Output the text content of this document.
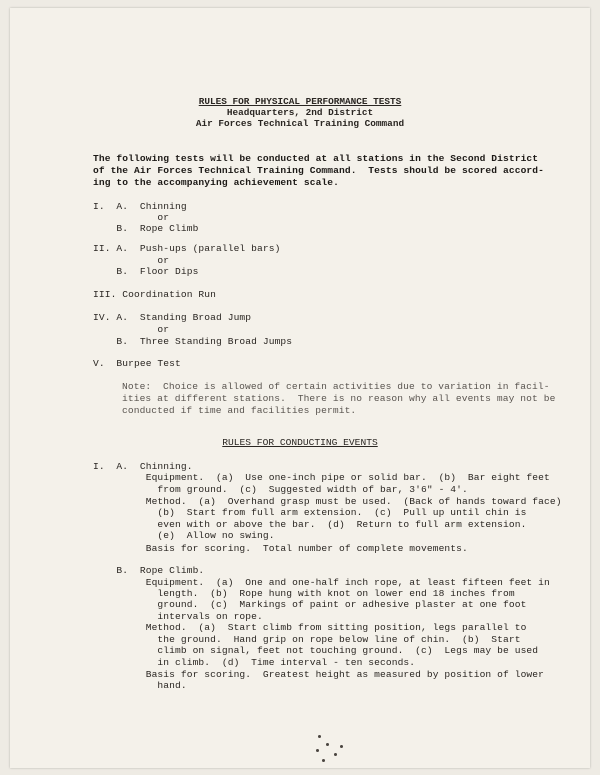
RULES FOR PHYSICAL PERFORMANCE TESTS
Headquarters, 2nd District
Air Forces Technical Training Command
The following tests will be conducted at all stations in the Second District
of the Air Forces Technical Training Command.  Tests should be scored accord-
ing to the accompanying achievement scale.
I.  A.  Chinning
or
B.  Rope Climb
II. A.  Push-ups (parallel bars)
or
B.  Floor Dips
III. Coordination Run
IV. A.  Standing Broad Jump
or
B.  Three Standing Broad Jumps
V.  Burpee Test
Note:  Choice is allowed of certain activities due to variation in facil-
ities at different stations.  There is no reason why all events may not be
conducted if time and facilities permit.
RULES FOR CONDUCTING EVENTS
I.  A.  Chinning.
Equipment.  (a)  Use one-inch pipe or solid bar.  (b)  Bar eight feet
from ground.  (c)  Suggested width of bar, 3'6" - 4'.
Method.  (a)  Overhand grasp must be used.  (Back of hands toward face)
(b)  Start from full arm extension.  (c)  Pull up until chin is
even with or above the bar.  (d)  Return to full arm extension.
(e)  Allow no swing.
Basis for scoring.  Total number of complete movements.
B.  Rope Climb.
Equipment.  (a)  One and one-half inch rope, at least fifteen feet in
length.  (b)  Rope hung with knot on lower end 18 inches from
ground.  (c)  Markings of paint or adhesive plaster at one foot
intervals on rope.
Method.  (a)  Start climb from sitting position, legs parallel to
the ground.  Hand grip on rope below line of chin.  (b)  Start
climb on signal, feet not touching ground.  (c)  Legs may be used
in climb.  (d)  Time interval - ten seconds.
Basis for scoring.  Greatest height as measured by position of lower
hand.
